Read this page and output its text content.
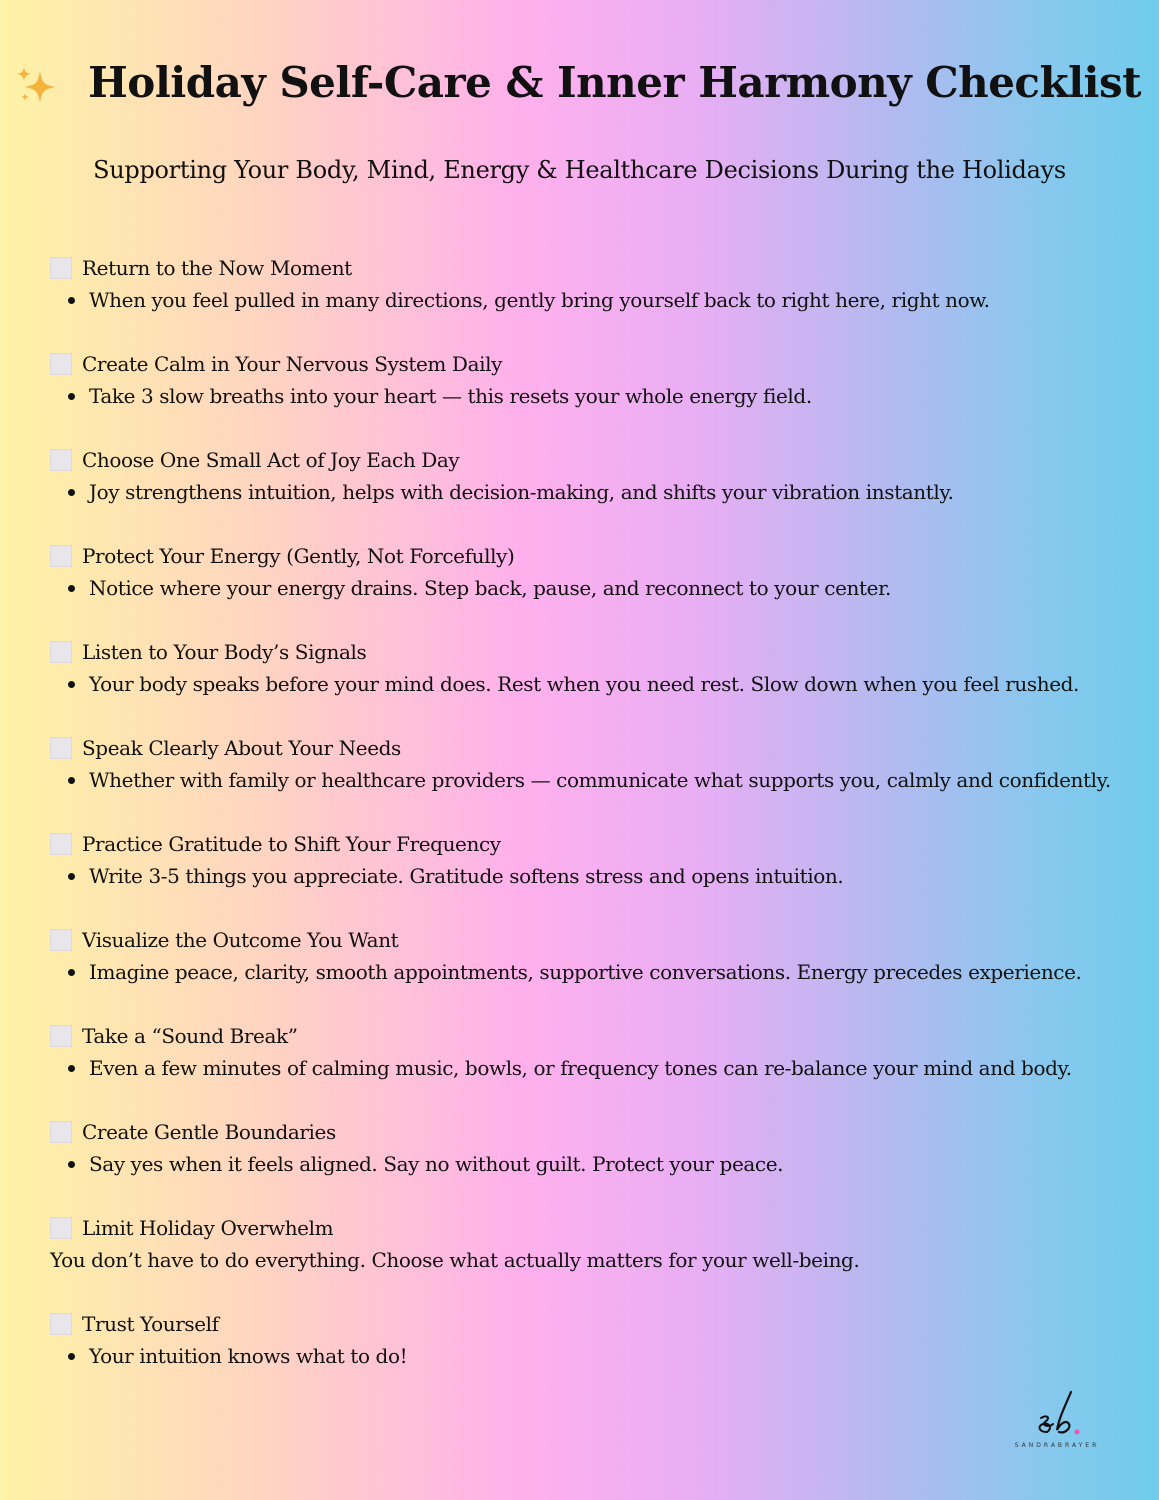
Holiday Self-Care & Inner Harmony Checklist
Supporting Your Body, Mind, Energy & Healthcare Decisions During the Holidays
Return to the Now Moment
When you feel pulled in many directions, gently bring yourself back to right here, right now.
Create Calm in Your Nervous System Daily
Take 3 slow breaths into your heart — this resets your whole energy field.
Choose One Small Act of Joy Each Day
Joy strengthens intuition, helps with decision-making, and shifts your vibration instantly.
Protect Your Energy (Gently, Not Forcefully)
Notice where your energy drains. Step back, pause, and reconnect to your center.
Listen to Your Body’s Signals
Your body speaks before your mind does. Rest when you need rest. Slow down when you feel rushed.
Speak Clearly About Your Needs
Whether with family or healthcare providers — communicate what supports you, calmly and confidently.
Practice Gratitude to Shift Your Frequency
Write 3-5 things you appreciate. Gratitude softens stress and opens intuition.
Visualize the Outcome You Want
Imagine peace, clarity, smooth appointments, supportive conversations. Energy precedes experience.
Take a “Sound Break”
Even a few minutes of calming music, bowls, or frequency tones can re-balance your mind and body.
Create Gentle Boundaries
Say yes when it feels aligned. Say no without guilt. Protect your peace.
Limit Holiday Overwhelm
You don’t have to do everything. Choose what actually matters for your well-being.
Trust Yourself
Your intuition knows what to do!
SANDRABRAYER
